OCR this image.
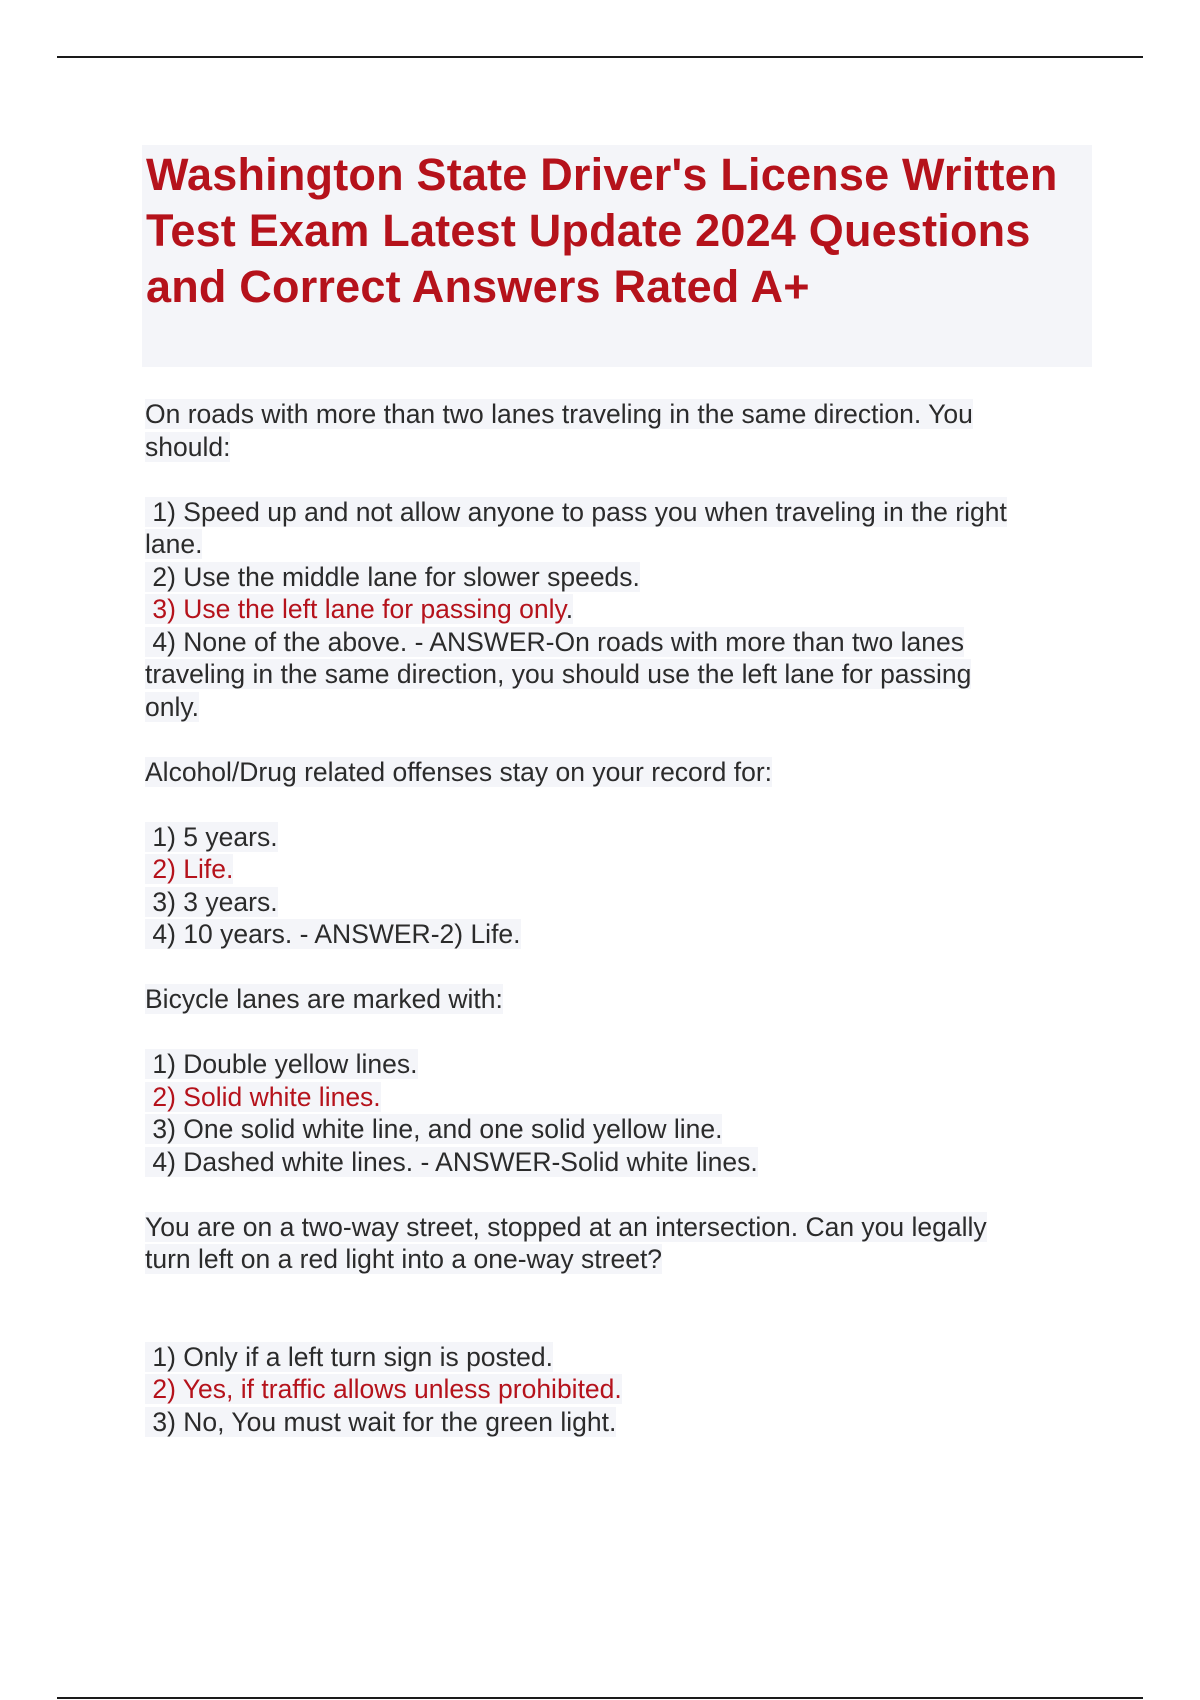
Washington State Driver's License Written Test Exam Latest Update 2024 Questions and Correct Answers Rated A+
On roads with more than two lanes traveling in the same direction. You
should:
1) Speed up and not allow anyone to pass you when traveling in the right
lane.
2) Use the middle lane for slower speeds.
3) Use the left lane for passing only.
4) None of the above. - ANSWER-On roads with more than two lanes
traveling in the same direction, you should use the left lane for passing
only.
Alcohol/Drug related offenses stay on your record for:
1) 5 years.
2) Life.
3) 3 years.
4) 10 years. - ANSWER-2) Life.
Bicycle lanes are marked with:
1) Double yellow lines.
2) Solid white lines.
3) One solid white line, and one solid yellow line.
4) Dashed white lines. - ANSWER-Solid white lines.
You are on a two-way street, stopped at an intersection. Can you legally
turn left on a red light into a one-way street?
1) Only if a left turn sign is posted.
2) Yes, if traffic allows unless prohibited.
3) No, You must wait for the green light.
